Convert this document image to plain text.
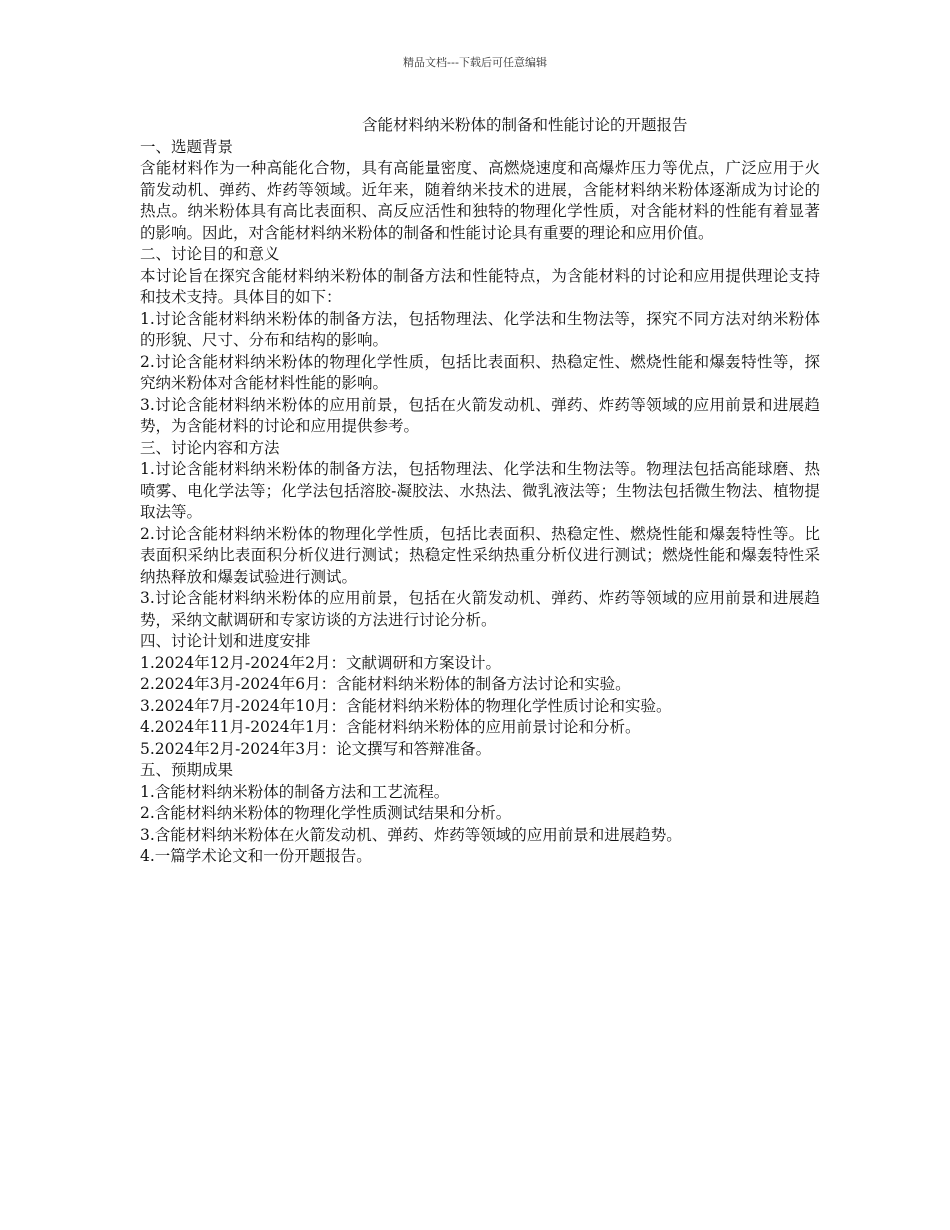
精品文档---下载后可任意编辑
含能材料纳米粉体的制备和性能讨论的开题报告
一、选题背景

含能材料作为一种高能化合物，具有高能量密度、高燃烧速度和高爆炸压力等优点，广泛应用于火箭发动机、弹药、炸药等领域。近年来，随着纳米技术的进展，含能材料纳米粉体逐渐成为讨论的热点。纳米粉体具有高比表面积、高反应活性和独特的物理化学性质，对含能材料的性能有着显著的影响。因此，对含能材料纳米粉体的制备和性能讨论具有重要的理论和应用价值。

二、讨论目的和意义

本讨论旨在探究含能材料纳米粉体的制备方法和性能特点，为含能材料的讨论和应用提供理论支持和技术支持。具体目的如下：

1.讨论含能材料纳米粉体的制备方法，包括物理法、化学法和生物法等，探究不同方法对纳米粉体的形貌、尺寸、分布和结构的影响。
2.讨论含能材料纳米粉体的物理化学性质，包括比表面积、热稳定性、燃烧性能和爆轰特性等，探究纳米粉体对含能材料性能的影响。
3.讨论含能材料纳米粉体的应用前景，包括在火箭发动机、弹药、炸药等领域的应用前景和进展趋势，为含能材料的讨论和应用提供参考。
三、讨论内容和方法
1.讨论含能材料纳米粉体的制备方法，包括物理法、化学法和生物法等。物理法包括高能球磨、热喷雾、电化学法等；化学法包括溶胶-凝胶法、水热法、微乳液法等；生物法包括微生物法、植物提取法等。
2.讨论含能材料纳米粉体的物理化学性质，包括比表面积、热稳定性、燃烧性能和爆轰特性等。比表面积采纳比表面积分析仪进行测试；热稳定性采纳热重分析仪进行测试；燃烧性能和爆轰特性采纳热释放和爆轰试验进行测试。
3.讨论含能材料纳米粉体的应用前景，包括在火箭发动机、弹药、炸药等领域的应用前景和进展趋势，采纳文献调研和专家访谈的方法进行讨论分析。
四、讨论计划和进度安排
1.2024年12月-2024年2月：文献调研和方案设计。
2.2024年3月-2024年6月：含能材料纳米粉体的制备方法讨论和实验。
3.2024年7月-2024年10月：含能材料纳米粉体的物理化学性质讨论和实验。
4.2024年11月-2024年1月：含能材料纳米粉体的应用前景讨论和分析。
5.2024年2月-2024年3月：论文撰写和答辩准备。
五、预期成果
1.含能材料纳米粉体的制备方法和工艺流程。
2.含能材料纳米粉体的物理化学性质测试结果和分析。
3.含能材料纳米粉体在火箭发动机、弹药、炸药等领域的应用前景和进展趋势。
4.一篇学术论文和一份开题报告。
